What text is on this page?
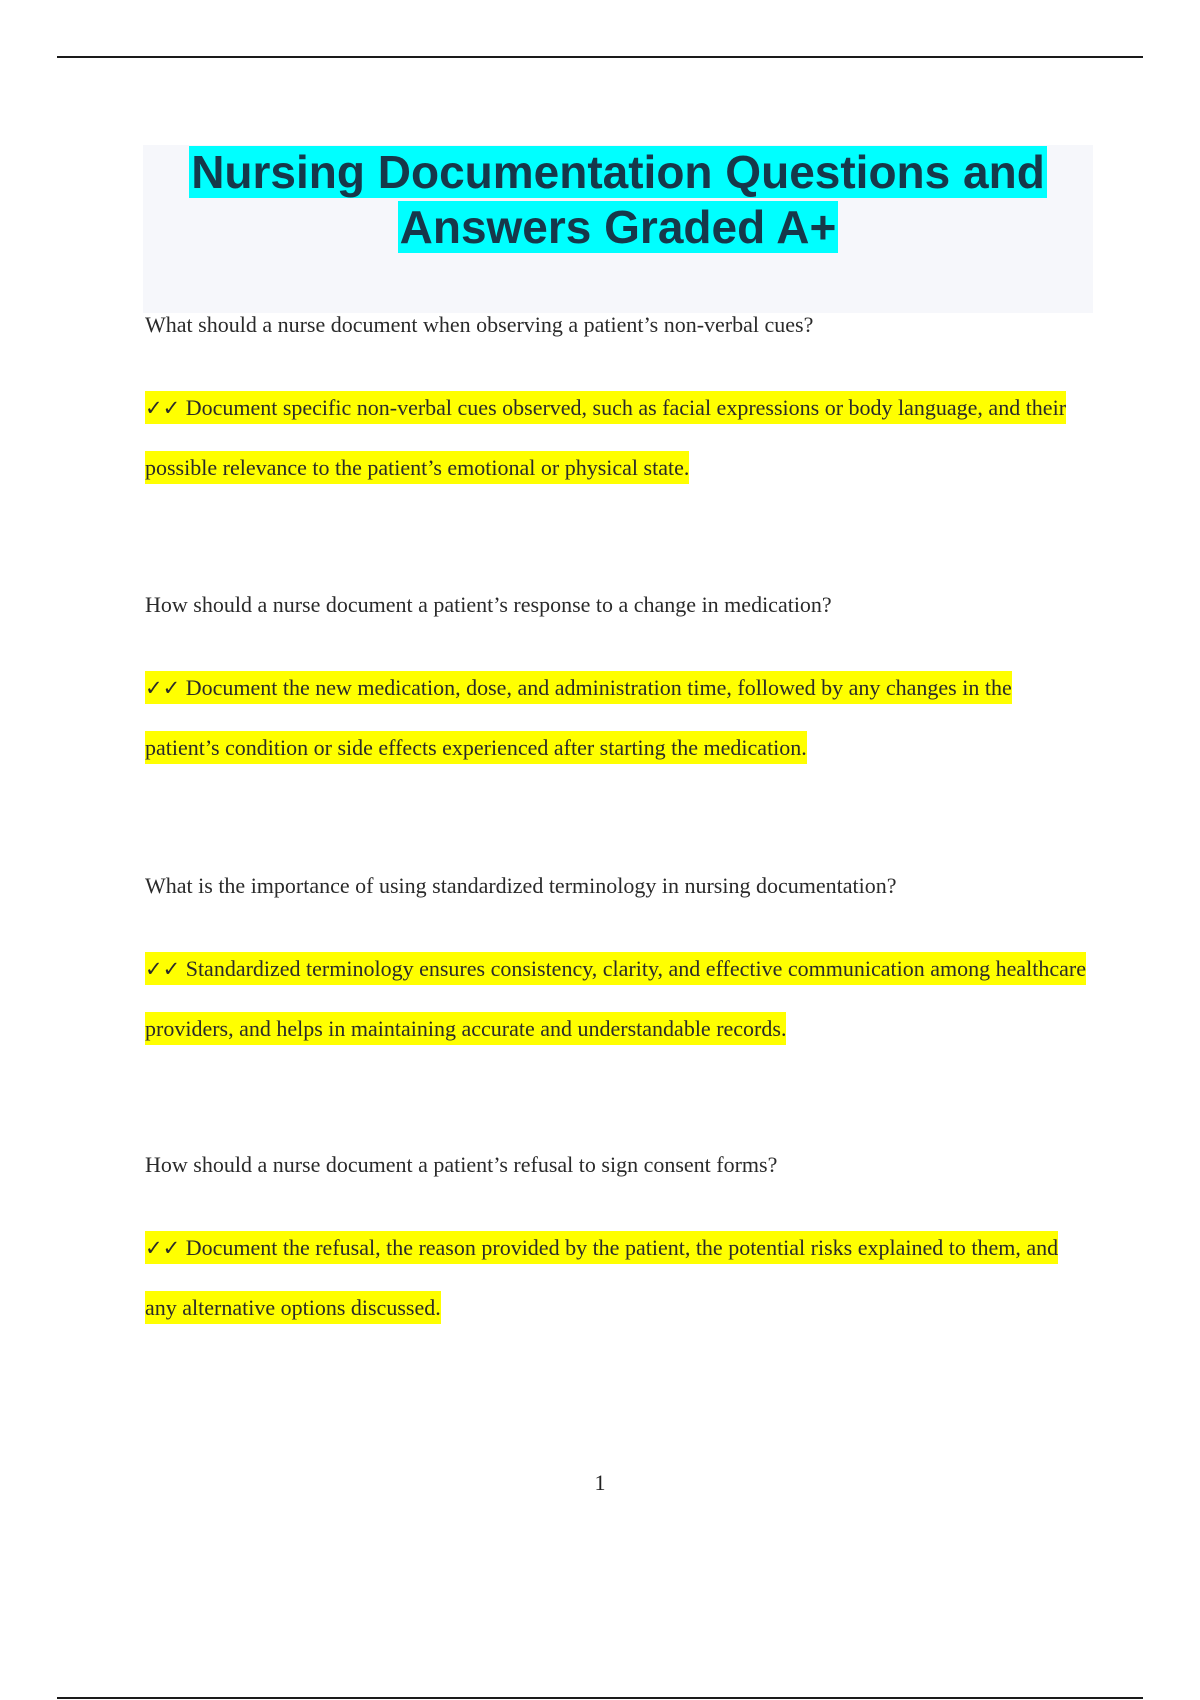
Nursing Documentation Questions and
Answers Graded A+

What should a nurse document when observing a patient’s non-verbal cues?

✓✓ Document specific non-verbal cues observed, such as facial expressions or body language, and their possible relevance to the patient’s emotional or physical state.

How should a nurse document a patient’s response to a change in medication?

✓✓ Document the new medication, dose, and administration time, followed by any changes in the patient’s condition or side effects experienced after starting the medication.

What is the importance of using standardized terminology in nursing documentation?

✓✓ Standardized terminology ensures consistency, clarity, and effective communication among healthcare providers, and helps in maintaining accurate and understandable records.

How should a nurse document a patient’s refusal to sign consent forms?

✓✓ Document the refusal, the reason provided by the patient, the potential risks explained to them, and any alternative options discussed.

1
